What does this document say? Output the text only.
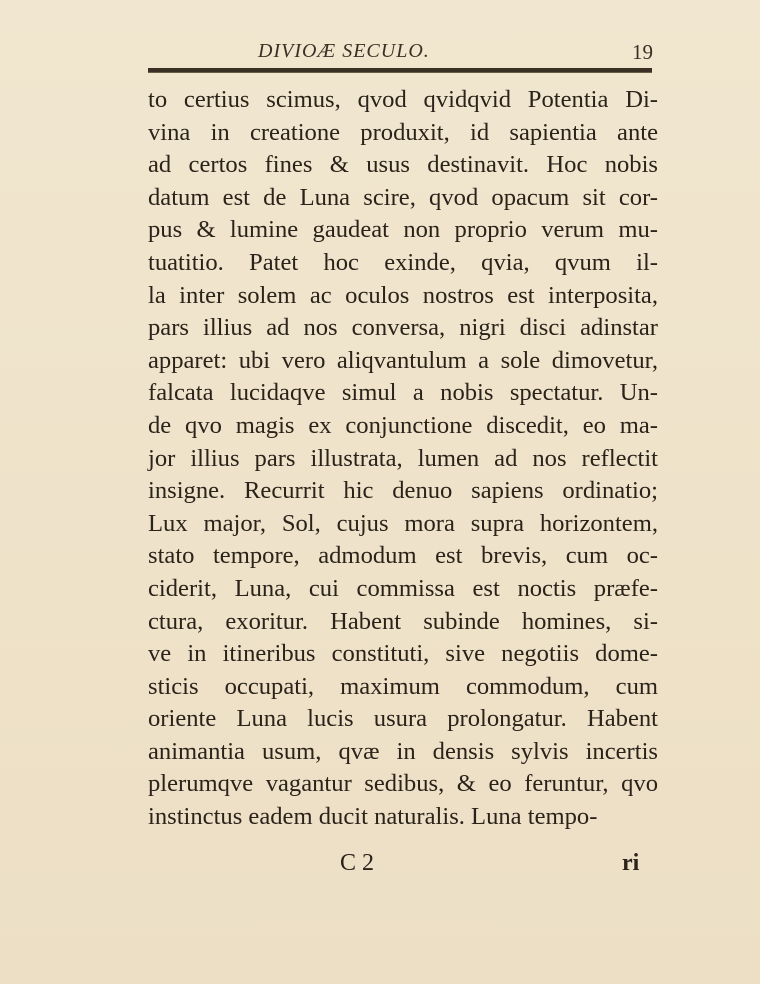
DIVIOÆ SECULO.	19
to certius scimus, qvod qvidqvid Potentia Di-
vina in creatione produxit, id sapientia ante
ad certos fines & usus destinavit. Hoc nobis
datum est de Luna scire, qvod opacum sit cor-
pus & lumine gaudeat non proprio verum mu-
tuatitio. Patet hoc exinde, qvia, qvum il-
la inter solem ac oculos nostros est interposita,
pars illius ad nos conversa, nigri disci adinstar
apparet: ubi vero aliqvantulum a sole dimovetur,
falcata lucidaqve simul a nobis spectatur. Un-
de qvo magis ex conjunctione discedit, eo ma-
jor illius pars illustrata, lumen ad nos reflectit
insigne. Recurrit hic denuo sapiens ordinatio;
Lux major, Sol, cujus mora supra horizontem,
stato tempore, admodum est brevis, cum oc-
ciderit, Luna, cui commissa est noctis præfe-
ctura, exoritur. Habent subinde homines, si-
ve in itineribus constituti, sive negotiis dome-
sticis occupati, maximum commodum, cum
oriente Luna lucis usura prolongatur. Habent
animantia usum, qvæ in densis sylvis incertis
plerumqve vagantur sedibus, & eo feruntur, qvo
instinctus eadem ducit naturalis. Luna tempo-
C 2	ri
